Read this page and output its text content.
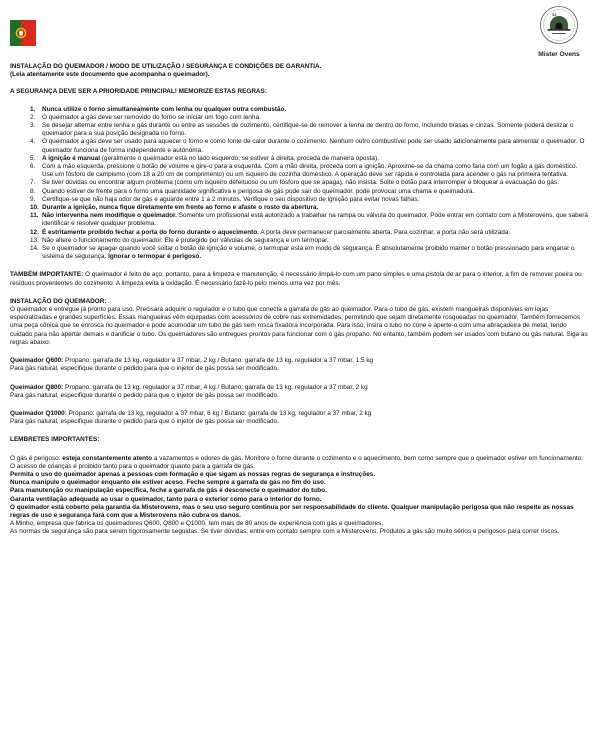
Mister Ovens

INSTALAÇÃO DO QUEIMADOR / MODO DE UTILIZAÇÃO / SEGURANÇA E CONDIÇÕES DE GARANTIA.

(Leia atentamente este documento que acompanha o queimador).

A SEGURANÇA DEVE SER A PRIORIDADE PRINCIPAL! MEMORIZE ESTAS REGRAS:

1. Nunca utilize o forno simultaneamente com lenha ou qualquer outra combustão.
2. O queimador a gás deve ser removido do forno se iniciar um fogo com lenha.
3. Se desejar alternar entre lenha e gás durante ou entre as sessões de cozimento, certifique-se de remover a lenha de dentro do forno, incluindo brasas e cinzas. Somente poderá deslizar o queimador para a sua posição designada no forno.
4. O queimador a gás deve ser usado para aquecer o forno e como fonte de calor durante o cozimento. Nenhum outro combustível pode ser usado adicionalmente para alimentar o queimador. O queimador funciona de forma independente e autónoma.
5. A ignição é manual (geralmente o queimador está no lado esquerdo; se estiver à direita, proceda de maneira oposta).
6. Com a mão esquerda, pressione o botão de volume e gire-o para a esquerda. Com a mão direita, proceda com a ignição. Aproxime-se da chama como faria com um fogão a gás doméstico. Use um fósforo de campismo (com 18 a 20 cm de comprimento) ou um isqueiro de cozinha doméstico. A operação deve ser rápida e controlada para acender o gás na primeira tentativa.
7. Se tiver dúvidas ou encontrar algum problema (como um isqueiro defeituoso ou um fósforo que se apaga), não insista. Solte o botão para interromper e bloquear a evacuação do gás.
8. Quando estiver de frente para o forno uma quantidade significativa e perigosa de gás pode sair do queimador, pode provocar uma chama e queimadura.
9. Certifique-se que não haja odor de gás e aguarde entre 1 a 2 minutos. Verifique o seu dispositivo de ignição para evitar novas falhas.
10. Durante a ignição, nunca fique diretamente em frente ao forno e afaste o rosto da abertura.
11. Não intervenha nem modifique o queimador. Somente um profissional está autorizado a trabalhar na rampa ou válvula do queimador. Pode entrar em contato com a Misterovens, que saberá identificar e resolver qualquer problema.
12. É estritamente proibido fechar a porta do forno durante o aquecimento. A porta deve permanecer parcialmente aberta. Para cozinhar, a porta não será utilizada.
13. Não altere o funcionamento do queimador. Ele é protegido por válvulas de segurança e um termopar.
14. Se o queimador se apagar quando você soltar o botão de ignição e volume, o termopar está em modo de segurança. É absolutamente proibido manter o botão pressionado para enganar o sistema de segurança. Ignorar o termopar é perigoso.

TAMBÉM IMPORTANTE: O queimador é feito de aço, portanto, para a limpeza e manutenção, é necessário limpá-lo com um pano simples e uma pistola de ar para o interior, a fim de remover poeira ou resíduos provenientes do cozimento. A limpeza evita a oxidação. É necessário fazê-lo pelo menos uma vez por mês.

INSTALAÇÃO DO QUEIMADOR:

O queimador é entregue já pronto para uso. Precisará adquirir o regulador e o tubo que conecta a garrafa de gás ao queimador. Para o tubo de gás, existem mangueiras disponíveis em lojas especializadas e grandes superfícies. Essas mangueiras vêm equipadas com acessórios de cobre nas extremidades, permitindo que sejam diretamente rosqueadas no queimador. Também fornecemos uma peça cônica que se enrosca no queimador e pode acomodar um tubo de gás sem rosca fixadora incorporada. Para isso, insira o tubo no cone e aperte-o com uma abraçadeira de metal, tendo cuidado para não apertar demais e danificar o tubo. Os queimadores são entregues prontos para funcionar com o gás propano. No entanto, também podem ser usados com butano ou gás natural. Siga as regras abaixo:

Queimador Q600: Propano: garrafa de 13 kg, regulador a 37 mbar, 2 kg / Butano: garrafa de 13 kg, regulador a 37 mbar, 1,5 kg

Para gás natural, especifique durante o pedido para que o injetor de gás possa ser modificado.

Queimador Q800: Propano: garrafa de 13 kg, regulador a 37 mbar, 4 kg / Butano: garrafa de 13 kg, regulador a 37 mbar, 2 kg

Para gás natural, especifique durante o pedido para que o injetor de gás possa ser modificado.

Queimador Q1000: Propano: garrafa de 13 kg, regulador a 37 mbar, 6 kg / Butano: garrafa de 13 kg, regulador a 37 mbar, 2 kg

Para gás natural, especifique durante o pedido para que o injetor de gás possa ser modificado.

LEMBRETES IMPORTANTES:

O gás é perigoso: esteja constantemente atento a vazamentos e odores de gás. Monitore o forno durante o cozimento e o aquecimento, bem como sempre que o queimador estiver em funcionamento.

O acesso de crianças é proibido tanto para o queimador quanto para a garrafa de gás.

Permita o uso do queimador apenas a pessoas com formação e que sigam as nossas regras de segurança e instruções.

Nunca manipule o queimador enquanto ele estiver aceso. Feche sempre a garrafa de gás no fim do uso.

Para manutenção ou manipulação específica, feche a garrafa de gás e desconecte o queimador do tubo.

Garanta ventilação adequada ao usar o queimador, tanto para o exterior como para o interior do forno.

O queimador está coberto pela garantia da Misterovens, mas o seu uso seguro continua por ser responsabilidade do cliente. Qualquer manipulação perigosa que não respeite as nossas regras de uso e segurança fará com que a Misterovens não cubra os danos.

A Minho, empresa que fabrica os queimadores Q600, Q800 e Q1000, tem mais de 80 anos de experiência com gás e queimadores.

As normas de segurança são para serem rigorosamente seguidas. Se tiver dúvidas, entre em contato sempre com a Misterovens. Produtos a gás são muito sérios e perigosos para correr riscos.
